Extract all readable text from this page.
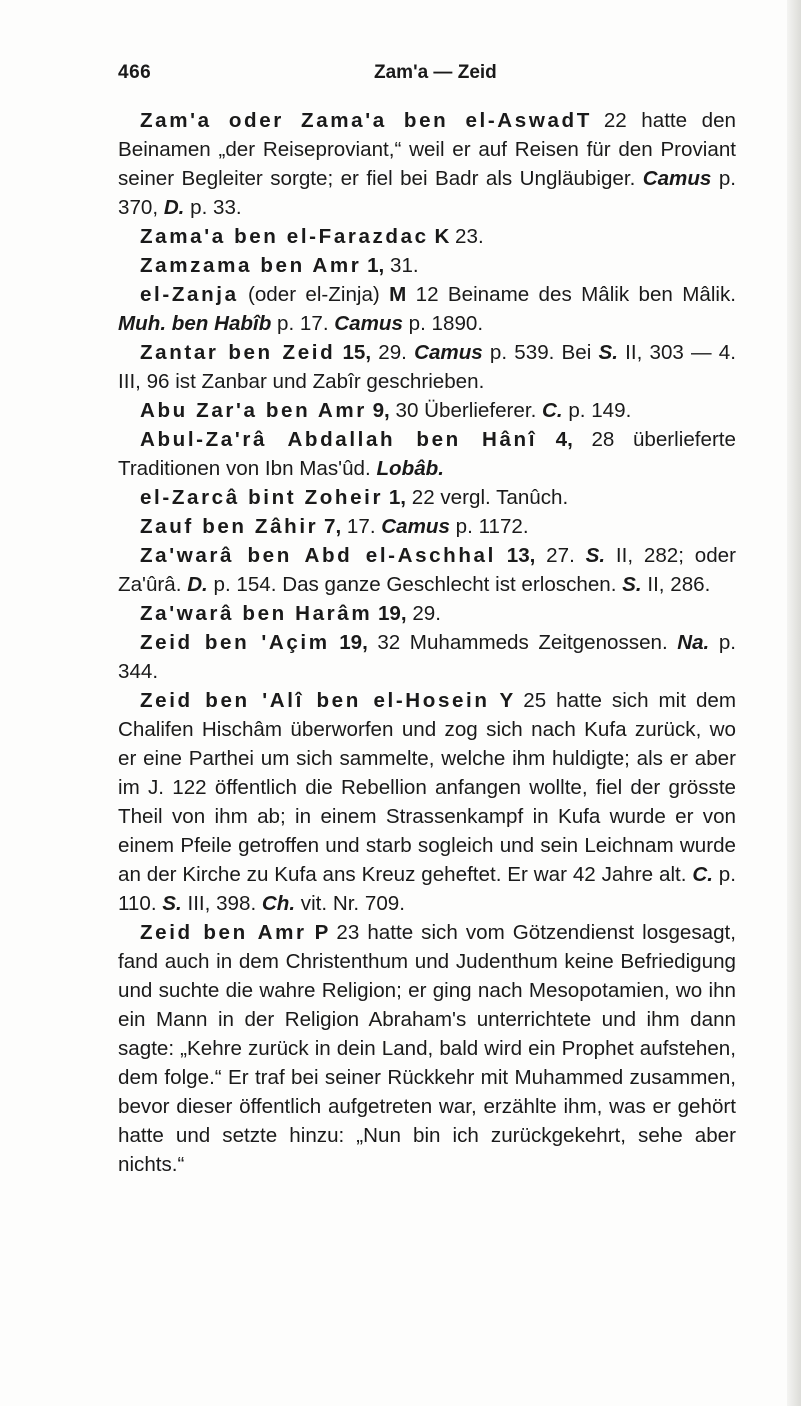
466	Zam'a — Zeid

Zam'a oder Zama'a ben el-AswadT 22 hatte den Beinamen „der Reiseproviant,“ weil er auf Reisen für den Proviant seiner Begleiter sorgte; er fiel bei Badr als Ungläubiger. Camus p. 370, D. p. 33.

Zama'a ben el-Farazdac K 23.

Zamzama ben Amr 1, 31.

el-Zanja (oder el-Zinja) M 12 Beiname des Mâlik ben Mâlik. Muh. ben Habîb p. 17. Camus p. 1890.

Zantar ben Zeid 15, 29. Camus p. 539. Bei S. II, 303 — 4. III, 96 ist Zanbar und Zabîr geschrieben.

Abu Zar'a ben Amr 9, 30 Überlieferer. C. p. 149.

Abul-Za'râ Abdallah ben Hânî 4, 28 überlieferte Traditionen von Ibn Mas'ûd. Lobâb.

el-Zarcâ bint Zoheir 1, 22 vergl. Tanûch.

Zauf ben Zâhir 7, 17. Camus p. 1172.

Za'warâ ben Abd el-Aschhal 13, 27. S. II, 282; oder Za'ûrâ. D. p. 154. Das ganze Geschlecht ist erloschen. S. II, 286.

Za'warâ ben Harâm 19, 29.

Zeid ben 'Açim 19, 32 Muhammeds Zeitgenossen. Na. p. 344.

Zeid ben 'Alî ben el-Hosein Y 25 hatte sich mit dem Chalifen Hischâm überworfen und zog sich nach Kufa zurück, wo er eine Parthei um sich sammelte, welche ihm huldigte; als er aber im J. 122 öffentlich die Rebellion anfangen wollte, fiel der grösste Theil von ihm ab; in einem Strassenkampf in Kufa wurde er von einem Pfeile getroffen und starb sogleich und sein Leichnam wurde an der Kirche zu Kufa ans Kreuz geheftet. Er war 42 Jahre alt. C. p. 110. S. III, 398. Ch. vit. Nr. 709.

Zeid ben Amr P 23 hatte sich vom Götzendienst losgesagt, fand auch in dem Christenthum und Judenthum keine Befriedigung und suchte die wahre Religion; er ging nach Mesopotamien, wo ihn ein Mann in der Religion Abraham's unterrichtete und ihm dann sagte: „Kehre zurück in dein Land, bald wird ein Prophet aufstehen, dem folge.“ Er traf bei seiner Rückkehr mit Muhammed zusammen, bevor dieser öffentlich aufgetreten war, erzählte ihm, was er gehört hatte und setzte hinzu: „Nun bin ich zurückgekehrt, sehe aber nichts.“
